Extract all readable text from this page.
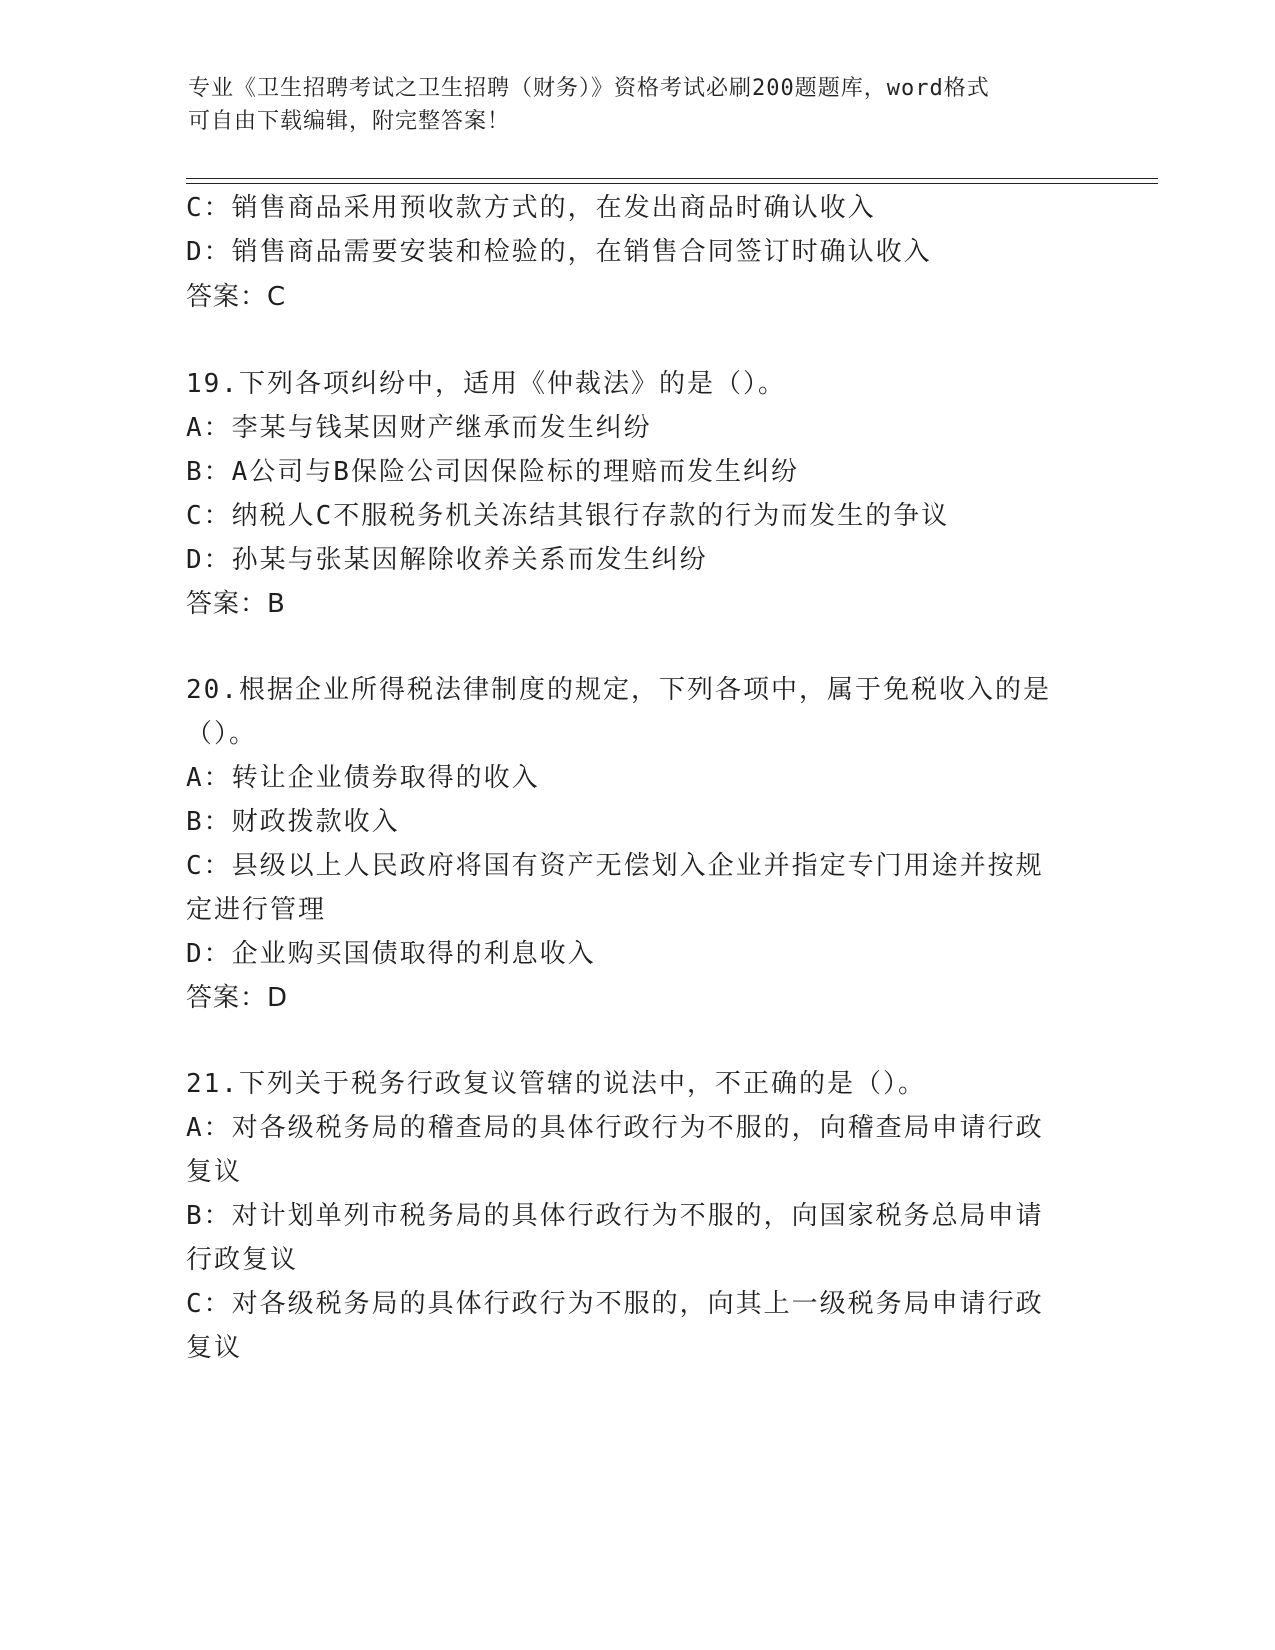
专业《卫生招聘考试之卫生招聘（财务）》资格考试必刷200题题库，word格式
可自由下载编辑，附完整答案！
C：销售商品采用预收款方式的，在发出商品时确认收入
D：销售商品需要安装和检验的，在销售合同签订时确认收入
答案：C
19.下列各项纠纷中，适用《仲裁法》的是（）。
A：李某与钱某因财产继承而发生纠纷
B：A公司与B保险公司因保险标的理赔而发生纠纷
C：纳税人C不服税务机关冻结其银行存款的行为而发生的争议
D：孙某与张某因解除收养关系而发生纠纷
答案：B
20.根据企业所得税法律制度的规定，下列各项中，属于免税收入的是
（）。
A：转让企业债券取得的收入
B：财政拨款收入
C：县级以上人民政府将国有资产无偿划入企业并指定专门用途并按规
定进行管理
D：企业购买国债取得的利息收入
答案：D
21.下列关于税务行政复议管辖的说法中，不正确的是（）。
A：对各级税务局的稽查局的具体行政行为不服的，向稽查局申请行政
复议
B：对计划单列市税务局的具体行政行为不服的，向国家税务总局申请
行政复议
C：对各级税务局的具体行政行为不服的，向其上一级税务局申请行政
复议
